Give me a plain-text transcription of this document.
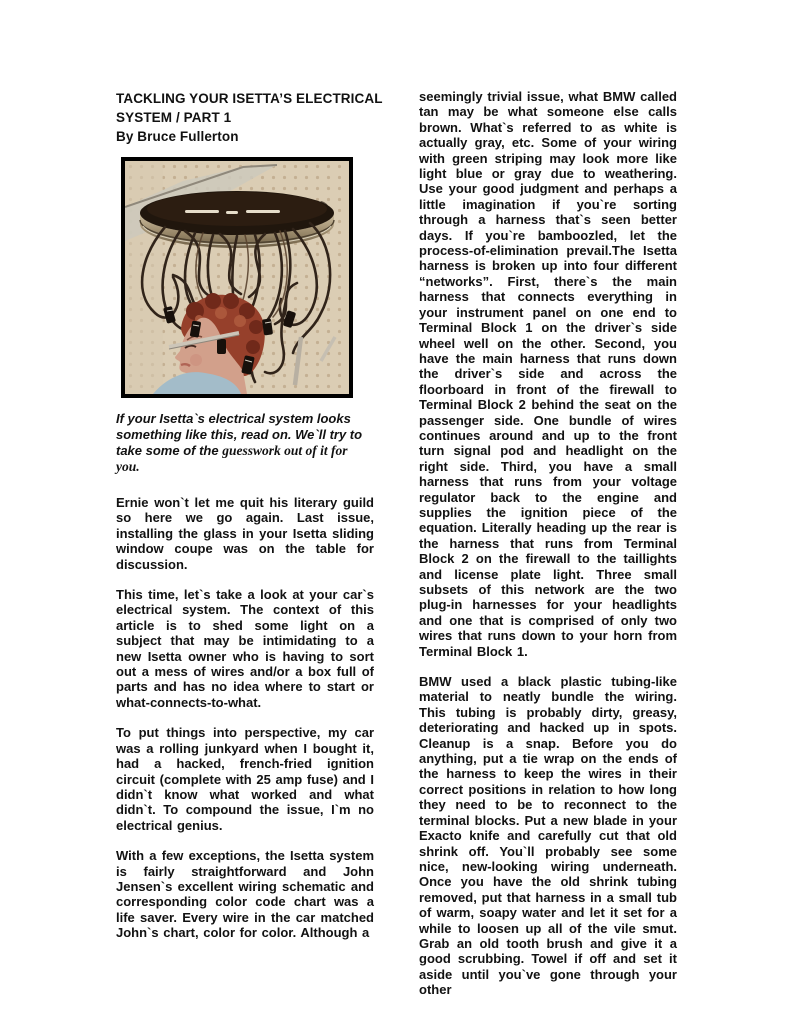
TACKLING YOUR ISETTA’S ELECTRICAL
SYSTEM / PART 1
By Bruce Fullerton

If your Isetta`s electrical system looks something like this, read on. We`ll try to take some of the guesswork out of it for you.

Ernie won`t let me quit his literary guild so here we go again. Last issue, installing the glass in your Isetta sliding window coupe was on the table for discussion.

This time, let`s take a look at your car`s electrical system. The context of this article is to shed some light on a subject that may be intimidating to a new Isetta owner who is having to sort out a mess of wires and/or a box full of parts and has no idea where to start or what-connects-to-what.

To put things into perspective, my car was a rolling junkyard when I bought it, had a hacked, french-fried ignition circuit (complete with 25 amp fuse) and I didn`t know what worked and what didn`t. To compound the issue, I`m no electrical genius.

With a few exceptions, the Isetta system is fairly straightforward and John Jensen`s excellent wiring schematic and corresponding color code chart was a life saver. Every wire in the car matched John`s chart, color for color. Although a

seemingly trivial issue, what BMW called tan may be what someone else calls brown. What`s referred to as white is actually gray, etc. Some of your wiring with green striping may look more like light blue or gray due to weathering. Use your good judgment and perhaps a little imagination if you`re sorting through a harness that`s seen better days. If you`re bamboozled, let the process-of-elimination prevail.The Isetta harness is broken up into four different “networks”. First, there`s the main harness that connects everything in your instrument panel on one end to Terminal Block 1 on the driver`s side wheel well on the other. Second, you have the main harness that runs down the driver`s side and across the floorboard in front of the firewall to Terminal Block 2 behind the seat on the passenger side. One bundle of wires continues around and up to the front turn signal pod and headlight on the right side. Third, you have a small harness that runs from your voltage regulator back to the engine and supplies the ignition piece of the equation. Literally heading up the rear is the harness that runs from Terminal Block 2 on the firewall to the taillights and license plate light. Three small subsets of this network are the two plug-in harnesses for your headlights and one that is comprised of only two wires that runs down to your horn from Terminal Block 1.

BMW used a black plastic tubing-like material to neatly bundle the wiring. This tubing is probably dirty, greasy, deteriorating and hacked up in spots. Cleanup is a snap. Before you do anything, put a tie wrap on the ends of the harness to keep the wires in their correct positions in relation to how long they need to be to reconnect to the terminal blocks. Put a new blade in your Exacto knife and carefully cut that old shrink off. You`ll probably see some nice, new-looking wiring underneath. Once you have the old shrink tubing removed, put that harness in a small tub of warm, soapy water and let it set for a while to loosen up all of the vile smut. Grab an old tooth brush and give it a good scrubbing. Towel if off and set it aside until you`ve gone through your other
